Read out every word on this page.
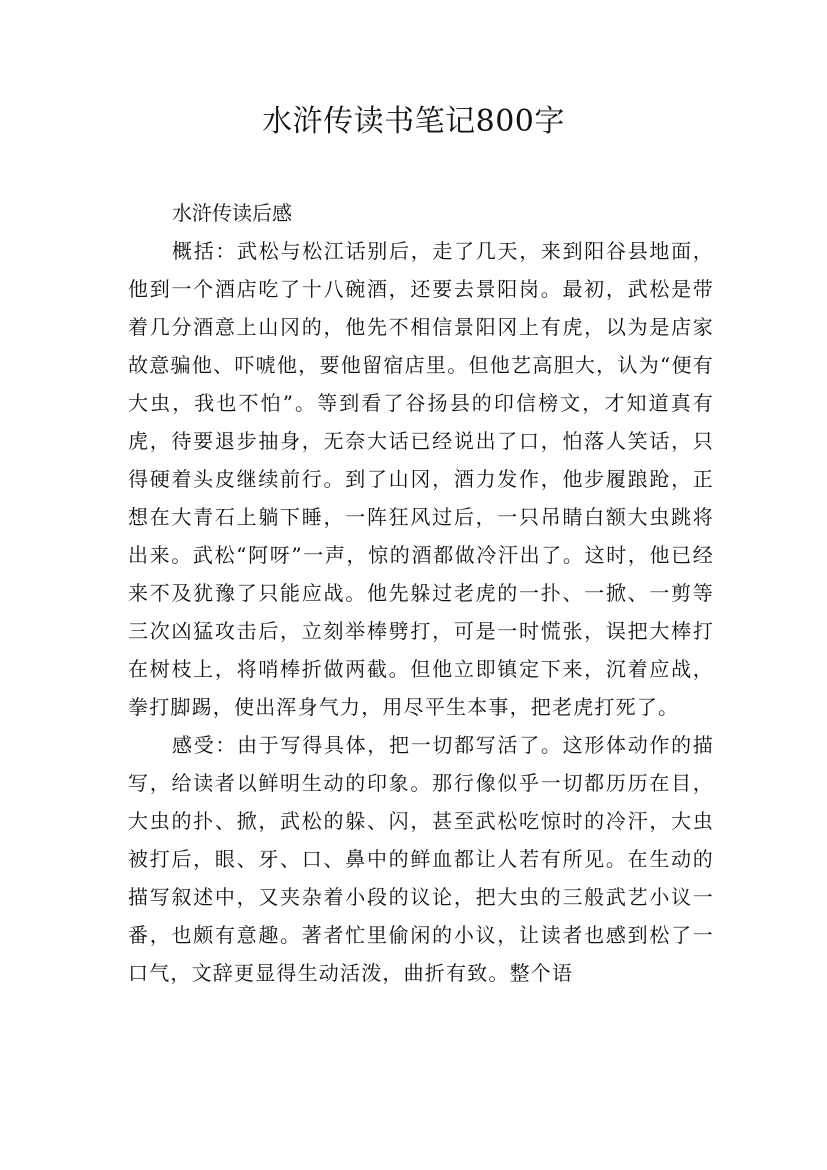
水浒传读书笔记800字

水浒传读后感

概括：武松与松江话别后，走了几天，来到阳谷县地面，他到一个酒店吃了十八碗酒，还要去景阳岗。最初，武松是带着几分酒意上山冈的，他先不相信景阳冈上有虎，以为是店家故意骗他、吓唬他，要他留宿店里。但他艺高胆大，认为“便有大虫，我也不怕”。等到看了谷扬县的印信榜文，才知道真有虎，待要退步抽身，无奈大话已经说出了口，怕落人笑话，只得硬着头皮继续前行。到了山冈，酒力发作，他步履踉跄，正想在大青石上躺下睡，一阵狂风过后，一只吊睛白额大虫跳将出来。武松“阿呀”一声，惊的酒都做冷汗出了。这时，他已经来不及犹豫了只能应战。他先躲过老虎的一扑、一掀、一剪等三次凶猛攻击后，立刻举棒劈打，可是一时慌张，误把大棒打在树枝上，将哨棒折做两截。但他立即镇定下来，沉着应战，拳打脚踢，使出浑身气力，用尽平生本事，把老虎打死了。

感受：由于写得具体，把一切都写活了。这形体动作的描写，给读者以鲜明生动的印象。那行像似乎一切都历历在目，大虫的扑、掀，武松的躲、闪，甚至武松吃惊时的冷汗，大虫被打后，眼、牙、口、鼻中的鲜血都让人若有所见。在生动的描写叙述中，又夹杂着小段的议论，把大虫的三般武艺小议一番，也颇有意趣。著者忙里偷闲的小议，让读者也感到松了一口气，文辞更显得生动活泼，曲折有致。整个语
